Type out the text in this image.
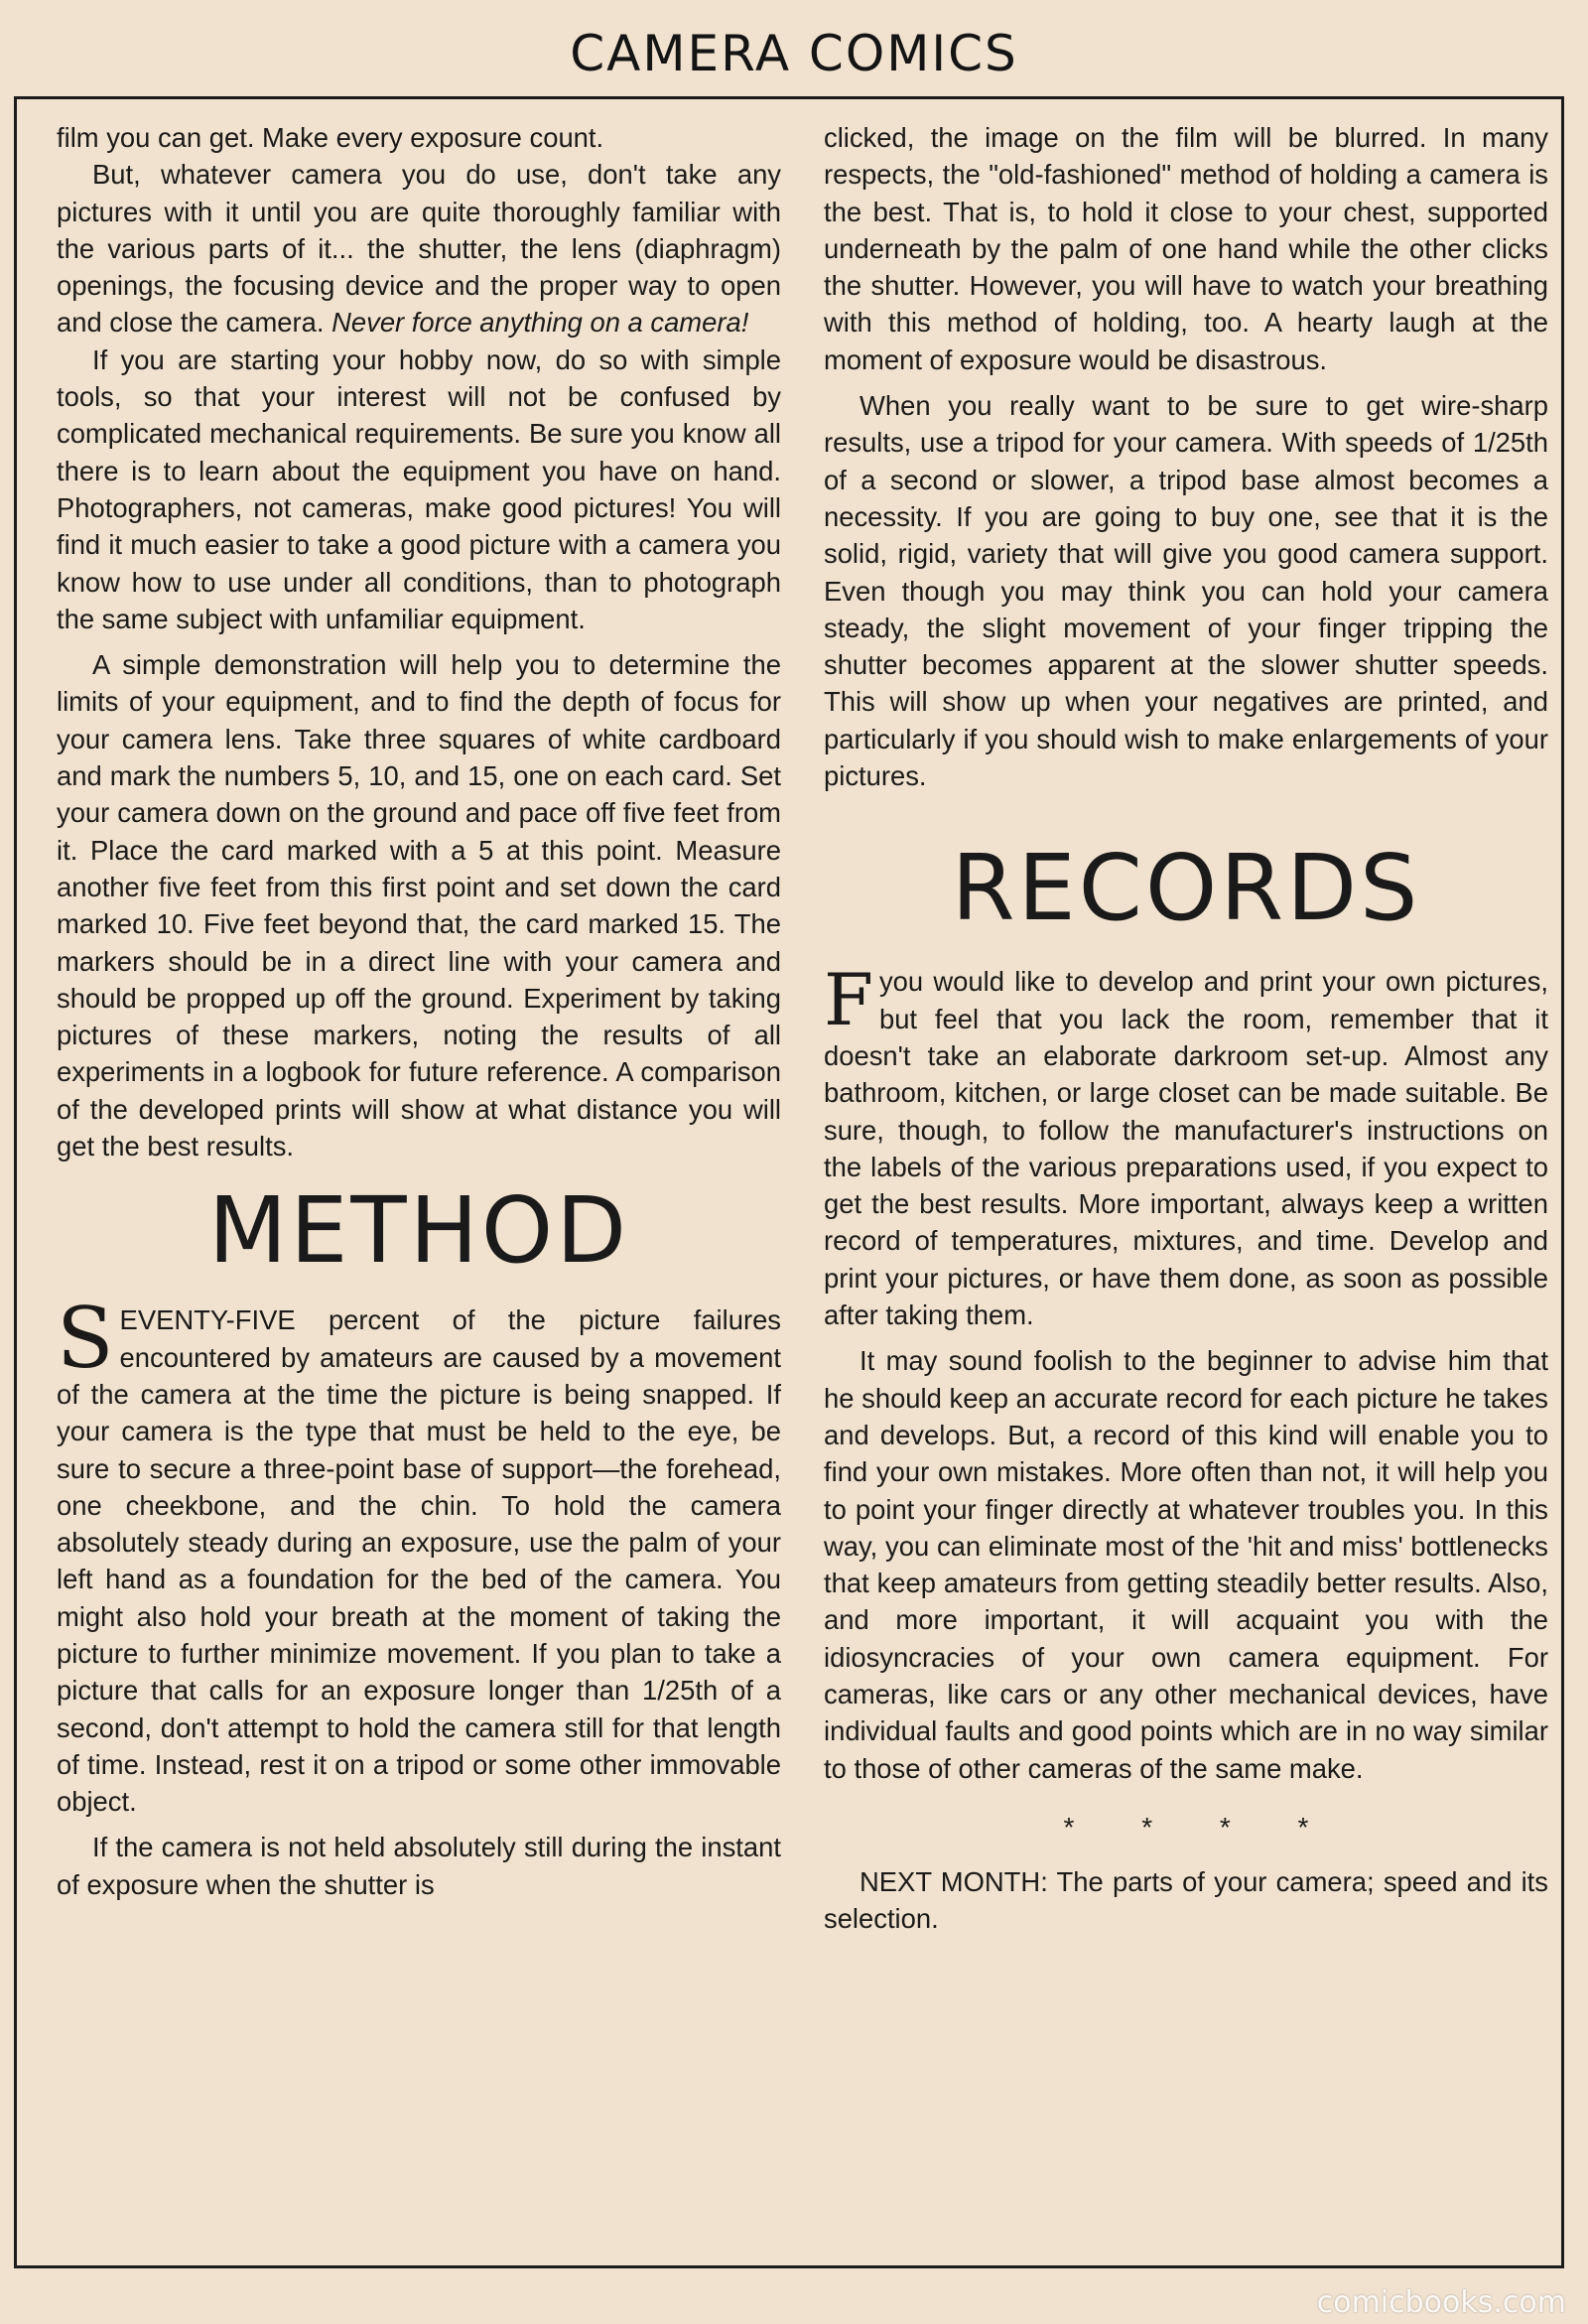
CAMERA COMICS

film you can get. Make every exposure count.

But, whatever camera you do use, don't take any pictures with it until you are quite thoroughly familiar with the various parts of it... the shutter, the lens (diaphragm) openings, the focusing device and the proper way to open and close the camera. Never force anything on a camera!

If you are starting your hobby now, do so with simple tools, so that your interest will not be confused by complicated mechanical requirements. Be sure you know all there is to learn about the equipment you have on hand. Photographers, not cameras, make good pictures! You will find it much easier to take a good picture with a camera you know how to use under all conditions, than to photograph the same subject with unfamiliar equipment.

A simple demonstration will help you to determine the limits of your equipment, and to find the depth of focus for your camera lens. Take three squares of white cardboard and mark the numbers 5, 10, and 15, one on each card. Set your camera down on the ground and pace off five feet from it. Place the card marked with a 5 at this point. Measure another five feet from this first point and set down the card marked 10. Five feet beyond that, the card marked 15. The markers should be in a direct line with your camera and should be propped up off the ground. Experiment by taking pictures of these markers, noting the results of all experiments in a logbook for future reference. A comparison of the developed prints will show at what distance you will get the best results.

METHOD

SEVENTY-FIVE percent of the picture failures encountered by amateurs are caused by a movement of the camera at the time the picture is being snapped. If your camera is the type that must be held to the eye, be sure to secure a three-point base of support—the forehead, one cheekbone, and the chin. To hold the camera absolutely steady during an exposure, use the palm of your left hand as a foundation for the bed of the camera. You might also hold your breath at the moment of taking the picture to further minimize movement. If you plan to take a picture that calls for an exposure longer than 1/25th of a second, don't attempt to hold the camera still for that length of time. Instead, rest it on a tripod or some other immovable object.

If the camera is not held absolutely still during the instant of exposure when the shutter is

clicked, the image on the film will be blurred. In many respects, the "old-fashioned" method of holding a camera is the best. That is, to hold it close to your chest, supported underneath by the palm of one hand while the other clicks the shutter. However, you will have to watch your breathing with this method of holding, too. A hearty laugh at the moment of exposure would be disastrous.

When you really want to be sure to get wire-sharp results, use a tripod for your camera. With speeds of 1/25th of a second or slower, a tripod base almost becomes a necessity. If you are going to buy one, see that it is the solid, rigid, variety that will give you good camera support. Even though you may think you can hold your camera steady, the slight movement of your finger tripping the shutter becomes apparent at the slower shutter speeds. This will show up when your negatives are printed, and particularly if you should wish to make enlargements of your pictures.

RECORDS

F you would like to develop and print your own pictures, but feel that you lack the room, remember that it doesn't take an elaborate darkroom set-up. Almost any bathroom, kitchen, or large closet can be made suitable. Be sure, though, to follow the manufacturer's instructions on the labels of the various preparations used, if you expect to get the best results. More important, always keep a written record of temperatures, mixtures, and time. Develop and print your pictures, or have them done, as soon as possible after taking them.

It may sound foolish to the beginner to advise him that he should keep an accurate record for each picture he takes and develops. But, a record of this kind will enable you to find your own mistakes. More often than not, it will help you to point your finger directly at whatever troubles you. In this way, you can eliminate most of the 'hit and miss' bottlenecks that keep amateurs from getting steadily better results. Also, and more important, it will acquaint you with the idiosyncracies of your own camera equipment. For cameras, like cars or any other mechanical devices, have individual faults and good points which are in no way similar to those of other cameras of the same make.

* * * *

NEXT MONTH: The parts of your camera; speed and its selection.

comicbooks.com
